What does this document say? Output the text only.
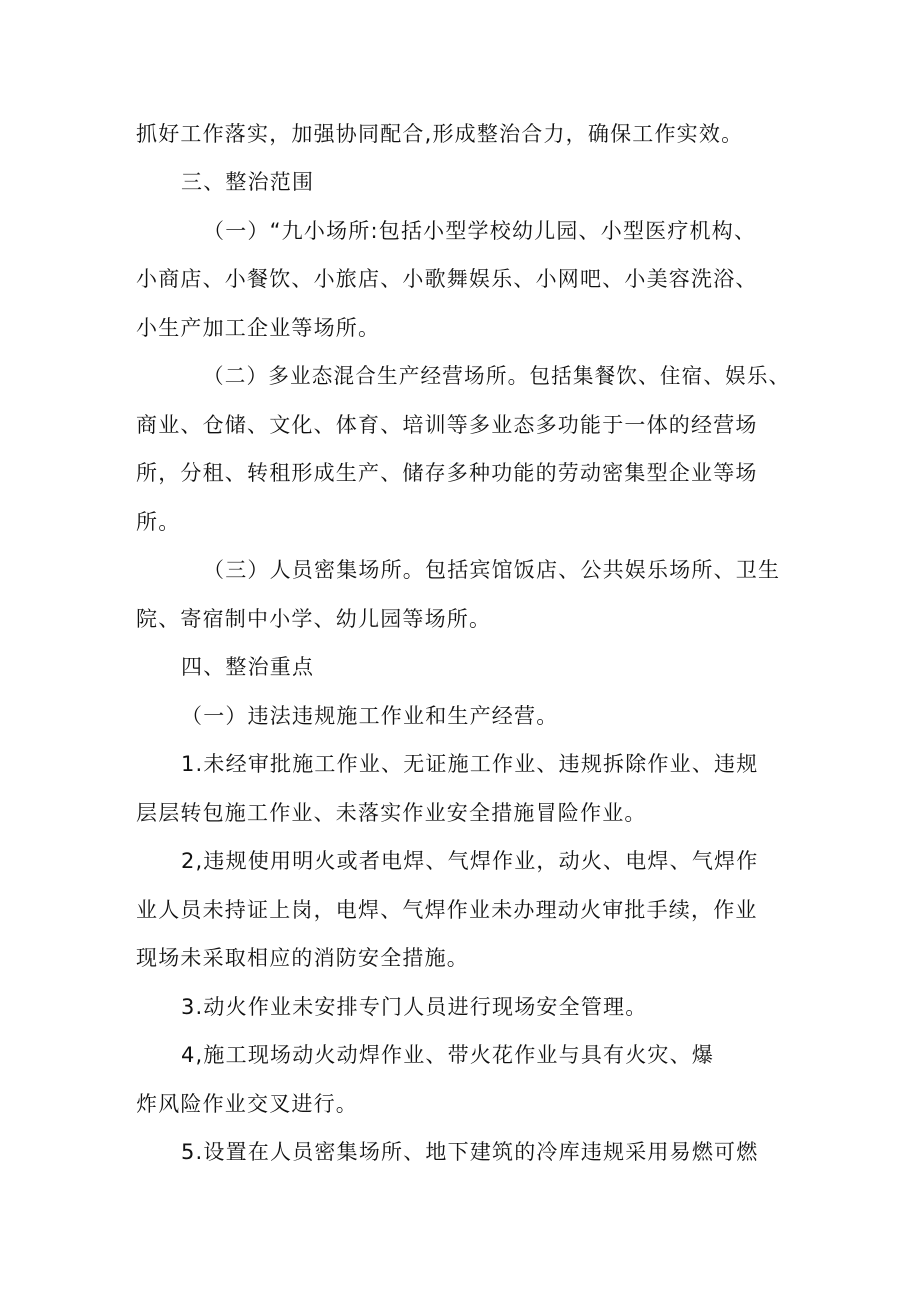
抓好工作落实，加强协同配合,形成整治合力，确保工作实效。
三、整治范围
（一）“九小场所:包括小型学校幼儿园、小型医疗机构、
小商店、小餐饮、小旅店、小歌舞娱乐、小网吧、小美容洗浴、
小生产加工企业等场所。
（二）多业态混合生产经营场所。包括集餐饮、住宿、娱乐、
商业、仓储、文化、体育、培训等多业态多功能于一体的经营场
所，分租、转租形成生产、储存多种功能的劳动密集型企业等场
所。
（三）人员密集场所。包括宾馆饭店、公共娱乐场所、卫生
院、寄宿制中小学、幼儿园等场所。
四、整治重点
（一）违法违规施工作业和生产经营。
1.未经审批施工作业、无证施工作业、违规拆除作业、违规
层层转包施工作业、未落实作业安全措施冒险作业。
2,违规使用明火或者电焊、气焊作业，动火、电焊、气焊作
业人员未持证上岗，电焊、气焊作业未办理动火审批手续，作业
现场未采取相应的消防安全措施。
3.动火作业未安排专门人员进行现场安全管理。
4,施工现场动火动焊作业、带火花作业与具有火灾、爆
炸风险作业交叉进行。
5.设置在人员密集场所、地下建筑的冷库违规采用易燃可燃
